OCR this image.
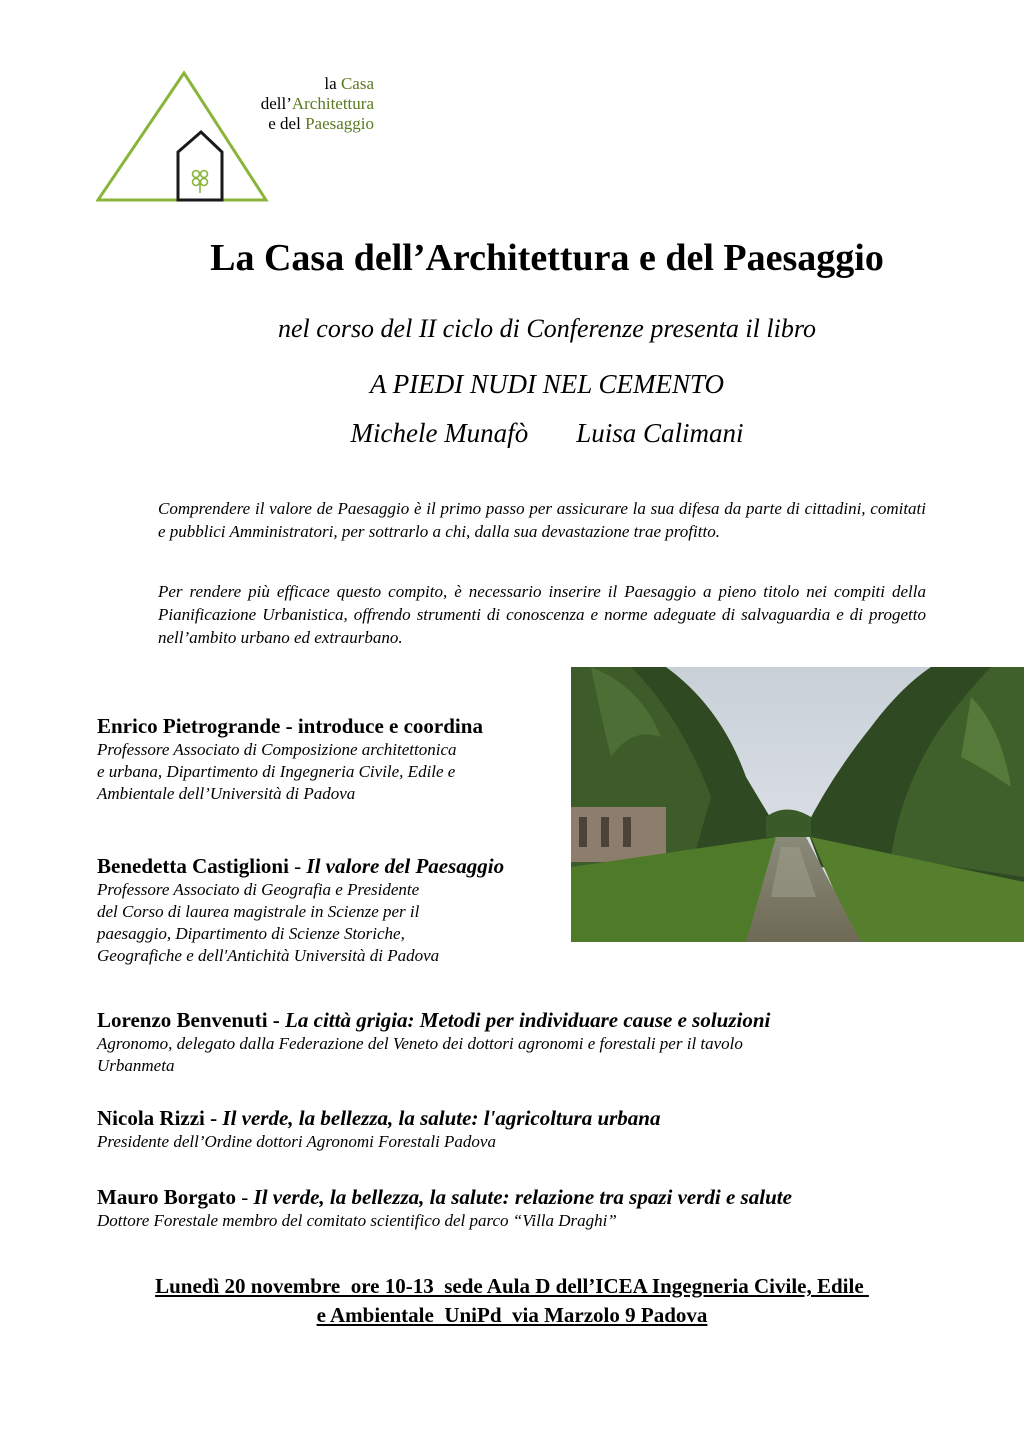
la Casa
dell’Architettura
e del Paesaggio
La Casa dell’Architettura e del Paesaggio
nel corso del II ciclo di Conferenze presenta il libro
A PIEDI NUDI NEL CEMENTO
Michele Munafò Luisa Calimani
Comprendere il valore de Paesaggio è il primo passo per assicurare la sua difesa da parte di cittadini, comitati e pubblici Amministratori, per sottrarlo a chi, dalla sua devastazione trae profitto.
Per rendere più efficace questo compito, è necessario inserire il Paesaggio a pieno titolo nei compiti della Pianificazione Urbanistica, offrendo strumenti di conoscenza e norme adeguate di salvaguardia e di progetto nell’ambito urbano ed extraurbano.
Enrico Pietrogrande - introduce e coordina
Professore Associato di Composizione architettonica
e urbana, Dipartimento di Ingegneria Civile, Edile e
Ambientale dell’Università di Padova
Benedetta Castiglioni - Il valore del Paesaggio
Professore Associato di Geografia e Presidente
del Corso di laurea magistrale in Scienze per il
paesaggio, Dipartimento di Scienze Storiche,
Geografiche e dell'Antichità Università di Padova
Lorenzo Benvenuti - La città grigia: Metodi per individuare cause e soluzioni
Agronomo, delegato dalla Federazione del Veneto dei dottori agronomi e forestali per il tavolo
Urbanmeta
Nicola Rizzi - Il verde, la bellezza, la salute: l'agricoltura urbana
Presidente dell’Ordine dottori Agronomi Forestali Padova
Mauro Borgato - Il verde, la bellezza, la salute: relazione tra spazi verdi e salute
Dottore Forestale membro del comitato scientifico del parco “Villa Draghi”
Lunedì 20 novembre  ore 10-13  sede Aula D dell’ICEA Ingegneria Civile, Edile
e Ambientale  UniPd  via Marzolo 9 Padova
